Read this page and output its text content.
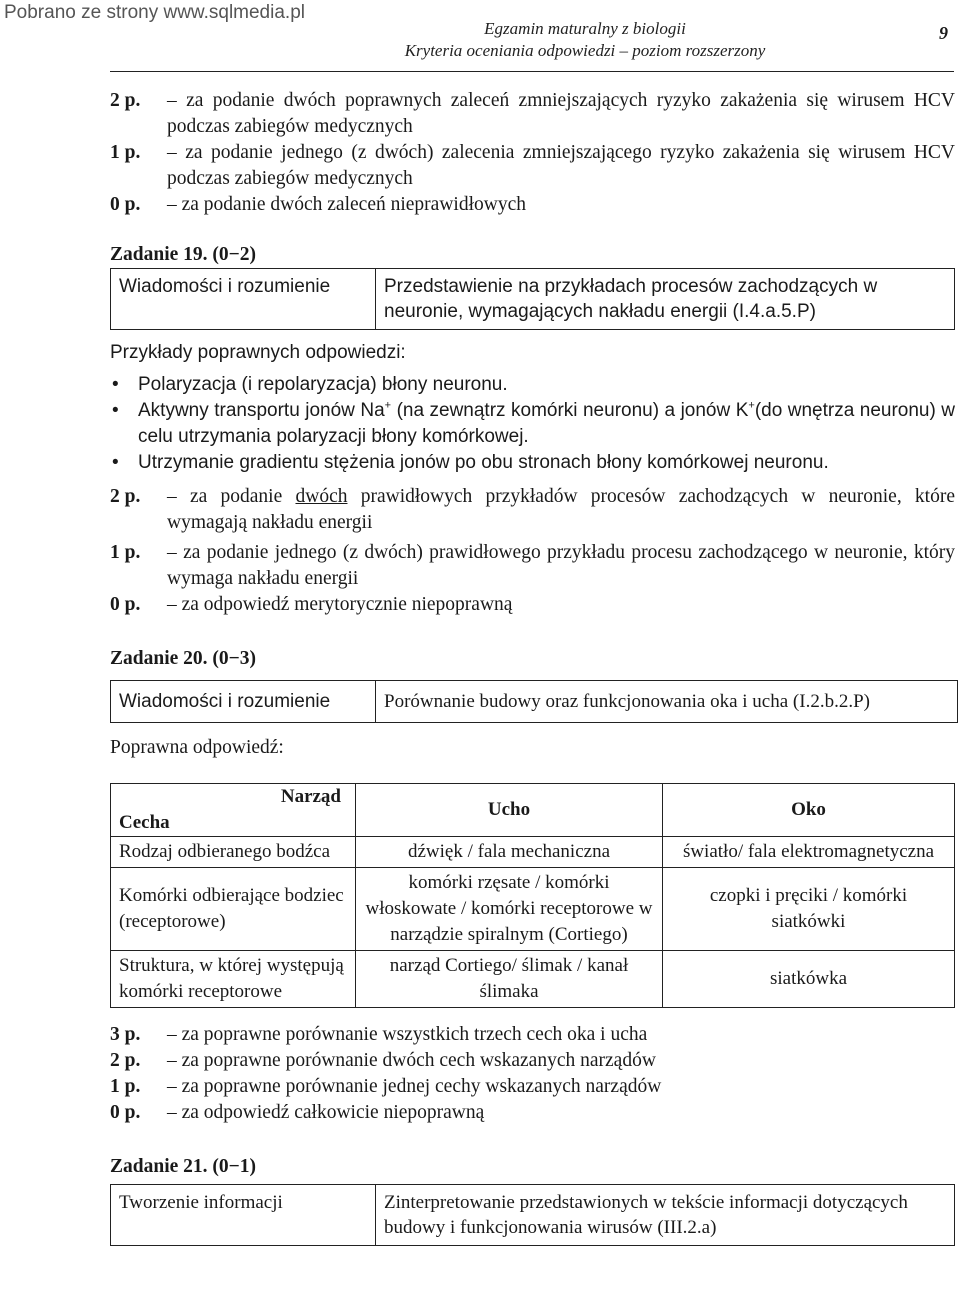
Pobrano ze strony www.sqlmedia.pl
Egzamin maturalny z biologii
Kryteria oceniania odpowiedzi – poziom rozszerzony
9
2 p.	– za podanie dwóch poprawnych zaleceń zmniejszających ryzyko zakażenia się wirusem HCV podczas zabiegów medycznych
1 p.	– za podanie jednego (z dwóch) zalecenia zmniejszającego ryzyko zakażenia się wirusem HCV podczas zabiegów medycznych
0 p.	– za podanie dwóch zaleceń nieprawidłowych
Zadanie 19. (0−2)
Wiadomości i rozumienie	Przedstawienie na przykładach procesów zachodzących w neuronie, wymagających nakładu energii (I.4.a.5.P)
Przykłady poprawnych odpowiedzi:
• Polaryzacja (i repolaryzacja) błony neuronu.
• Aktywny transportu jonów Na+ (na zewnątrz komórki neuronu) a jonów K+(do wnętrza neuronu) w celu utrzymania polaryzacji błony komórkowej.
• Utrzymanie gradientu stężenia jonów po obu stronach błony komórkowej neuronu.
2 p.	– za podanie dwóch prawidłowych przykładów procesów zachodzących w neuronie, które wymagają nakładu energii
1 p.	– za podanie jednego (z dwóch) prawidłowego przykładu procesu zachodzącego w neuronie, który wymaga nakładu energii
0 p.	– za odpowiedź merytorycznie niepoprawną
Zadanie 20. (0−3)
Wiadomości i rozumienie	Porównanie budowy oraz funkcjonowania oka i ucha (I.2.b.2.P)
Poprawna odpowiedź:
Narząd
Cecha	Ucho	Oko
Rodzaj odbieranego bodźca	dźwięk / fala mechaniczna	światło/ fala elektromagnetyczna
Komórki odbierające bodziec (receptorowe)	komórki rzęsate / komórki włoskowate / komórki receptorowe w narządzie spiralnym (Cortiego)	czopki i pręciki / komórki siatkówki
Struktura, w której występują komórki receptorowe	narząd Cortiego/ ślimak / kanał ślimaka	siatkówka
3 p.	– za poprawne porównanie wszystkich trzech cech oka i ucha
2 p.	– za poprawne porównanie dwóch cech wskazanych narządów
1 p.	– za poprawne porównanie jednej cechy wskazanych narządów
0 p.	– za odpowiedź całkowicie niepoprawną
Zadanie 21. (0−1)
Tworzenie informacji	Zinterpretowanie przedstawionych w tekście informacji dotyczących budowy i funkcjonowania wirusów (III.2.a)
